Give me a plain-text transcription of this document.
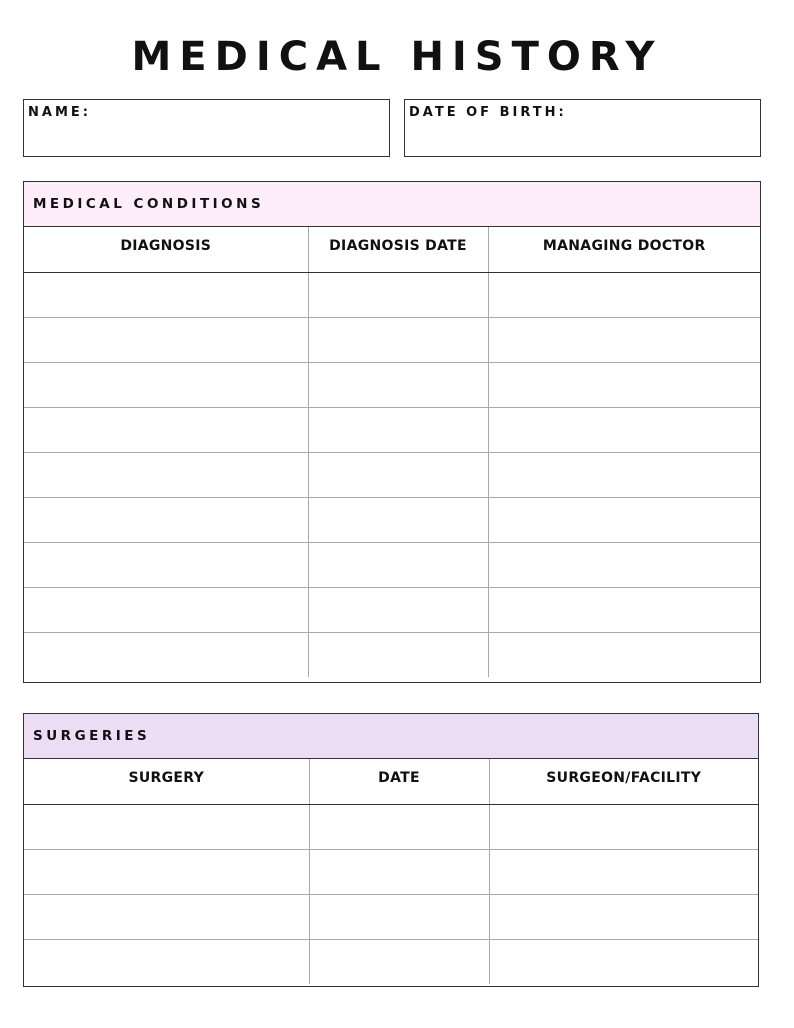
MEDICAL HISTORY
NAME:	DATE OF BIRTH:
MEDICAL CONDITIONS
DIAGNOSIS	DIAGNOSIS DATE	MANAGING DOCTOR

SURGERIES
SURGERY	DATE	SURGEON/FACILITY
